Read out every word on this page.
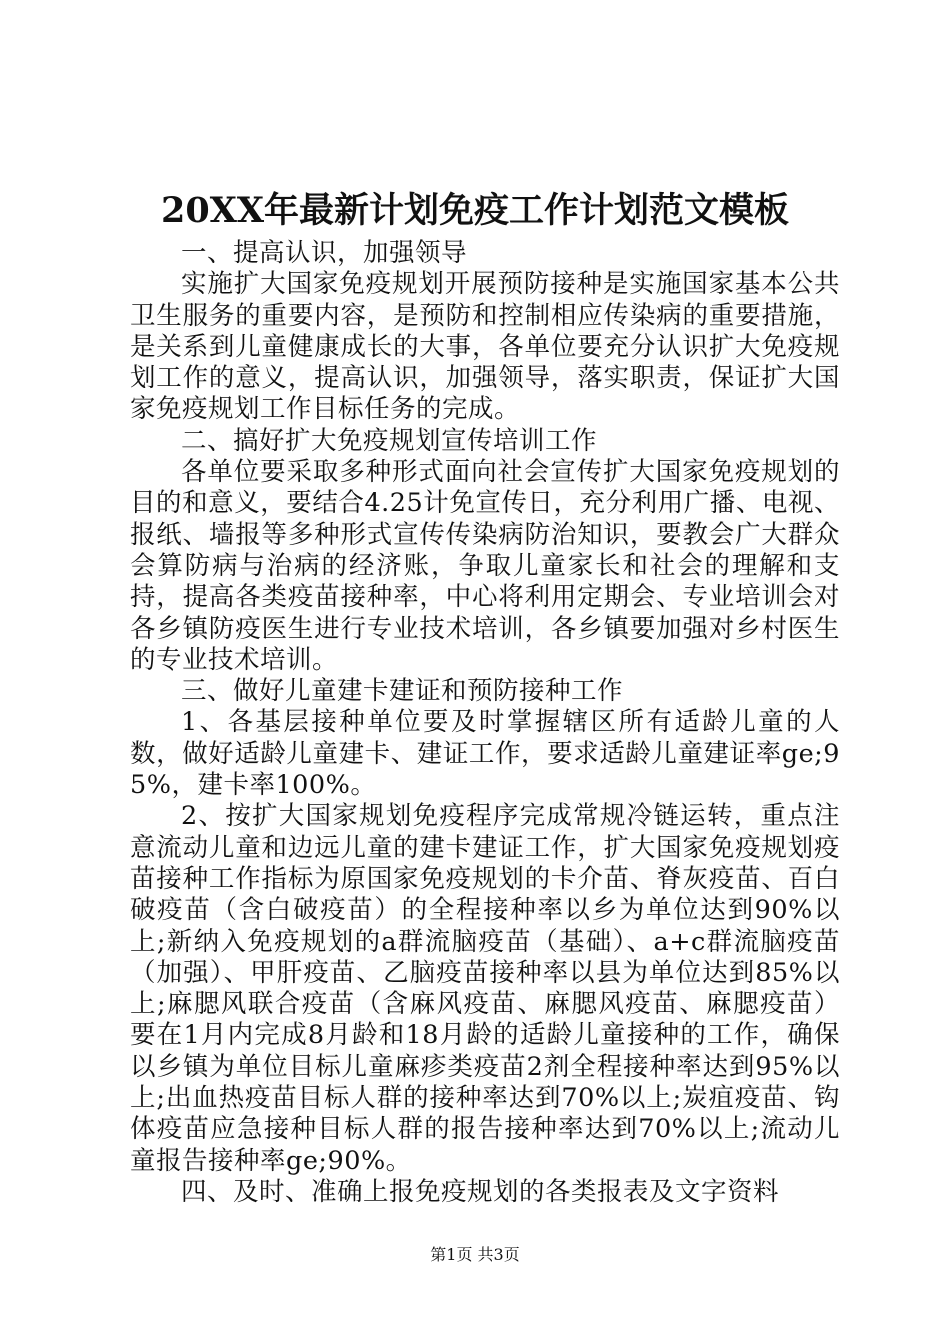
20XX年最新计划免疫工作计划范文模板

一、提高认识，加强领导

实施扩大国家免疫规划开展预防接种是实施国家基本公共卫生服务的重要内容，是预防和控制相应传染病的重要措施，是关系到儿童健康成长的大事，各单位要充分认识扩大免疫规划工作的意义，提高认识，加强领导，落实职责，保证扩大国家免疫规划工作目标任务的完成。

二、搞好扩大免疫规划宣传培训工作

各单位要采取多种形式面向社会宣传扩大国家免疫规划的目的和意义，要结合4.25计免宣传日，充分利用广播、电视、报纸、墙报等多种形式宣传传染病防治知识，要教会广大群众会算防病与治病的经济账，争取儿童家长和社会的理解和支持，提高各类疫苗接种率，中心将利用定期会、专业培训会对各乡镇防疫医生进行专业技术培训，各乡镇要加强对乡村医生的专业技术培训。

三、做好儿童建卡建证和预防接种工作

1、各基层接种单位要及时掌握辖区所有适龄儿童的人数，做好适龄儿童建卡、建证工作，要求适龄儿童建证率ge;95%，建卡率100%。

2、按扩大国家规划免疫程序完成常规冷链运转，重点注意流动儿童和边远儿童的建卡建证工作，扩大国家免疫规划疫苗接种工作指标为原国家免疫规划的卡介苗、脊灰疫苗、百白破疫苗（含白破疫苗）的全程接种率以乡为单位达到90%以上;新纳入免疫规划的a群流脑疫苗（基础）、a+c群流脑疫苗（加强）、甲肝疫苗、乙脑疫苗接种率以县为单位达到85%以上;麻腮风联合疫苗（含麻风疫苗、麻腮风疫苗、麻腮疫苗）要在1月内完成8月龄和18月龄的适龄儿童接种的工作，确保以乡镇为单位目标儿童麻疹类疫苗2剂全程接种率达到95%以上;出血热疫苗目标人群的接种率达到70%以上;炭疽疫苗、钩体疫苗应急接种目标人群的报告接种率达到70%以上;流动儿童报告接种率ge;90%。

四、及时、准确上报免疫规划的各类报表及文字资料

第1页 共3页
